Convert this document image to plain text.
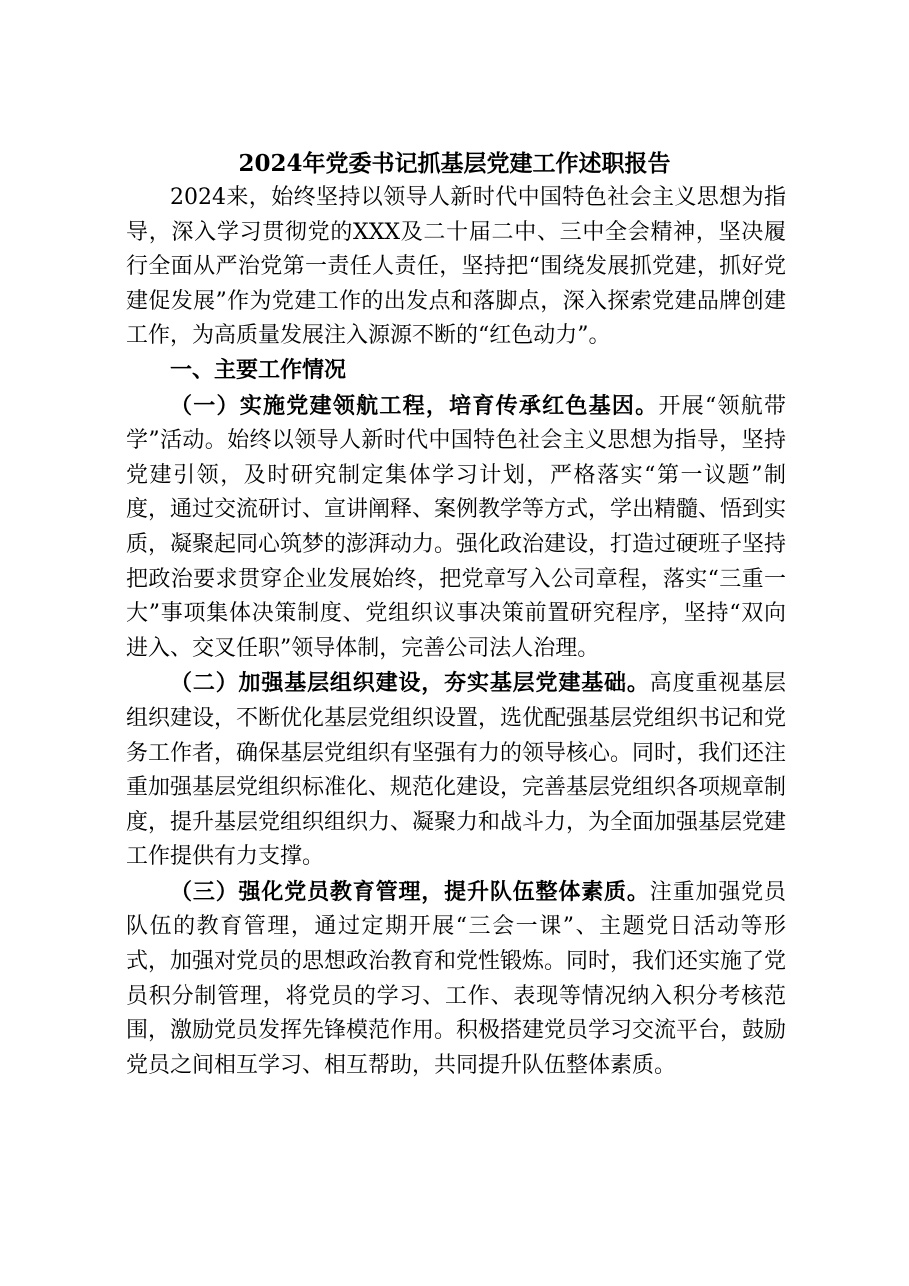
2024年党委书记抓基层党建工作述职报告

2024来，始终坚持以领导人新时代中国特色社会主义思想为指导，深入学习贯彻党的XXX及二十届二中、三中全会精神，坚决履行全面从严治党第一责任人责任，坚持把“围绕发展抓党建，抓好党建促发展”作为党建工作的出发点和落脚点，深入探索党建品牌创建工作，为高质量发展注入源源不断的“红色动力”。

一、主要工作情况

（一）实施党建领航工程，培育传承红色基因。开展“领航带学”活动。始终以领导人新时代中国特色社会主义思想为指导，坚持党建引领，及时研究制定集体学习计划，严格落实“第一议题”制度，通过交流研讨、宣讲阐释、案例教学等方式，学出精髓、悟到实质，凝聚起同心筑梦的澎湃动力。强化政治建设，打造过硬班子坚持把政治要求贯穿企业发展始终，把党章写入公司章程，落实“三重一大”事项集体决策制度、党组织议事决策前置研究程序，坚持“双向进入、交叉任职”领导体制，完善公司法人治理。

（二）加强基层组织建设，夯实基层党建基础。高度重视基层组织建设，不断优化基层党组织设置，选优配强基层党组织书记和党务工作者，确保基层党组织有坚强有力的领导核心。同时，我们还注重加强基层党组织标准化、规范化建设，完善基层党组织各项规章制度，提升基层党组织组织力、凝聚力和战斗力，为全面加强基层党建工作提供有力支撑。

（三）强化党员教育管理，提升队伍整体素质。注重加强党员队伍的教育管理，通过定期开展“三会一课”、主题党日活动等形式，加强对党员的思想政治教育和党性锻炼。同时，我们还实施了党员积分制管理，将党员的学习、工作、表现等情况纳入积分考核范围，激励党员发挥先锋模范作用。积极搭建党员学习交流平台，鼓励党员之间相互学习、相互帮助，共同提升队伍整体素质。
